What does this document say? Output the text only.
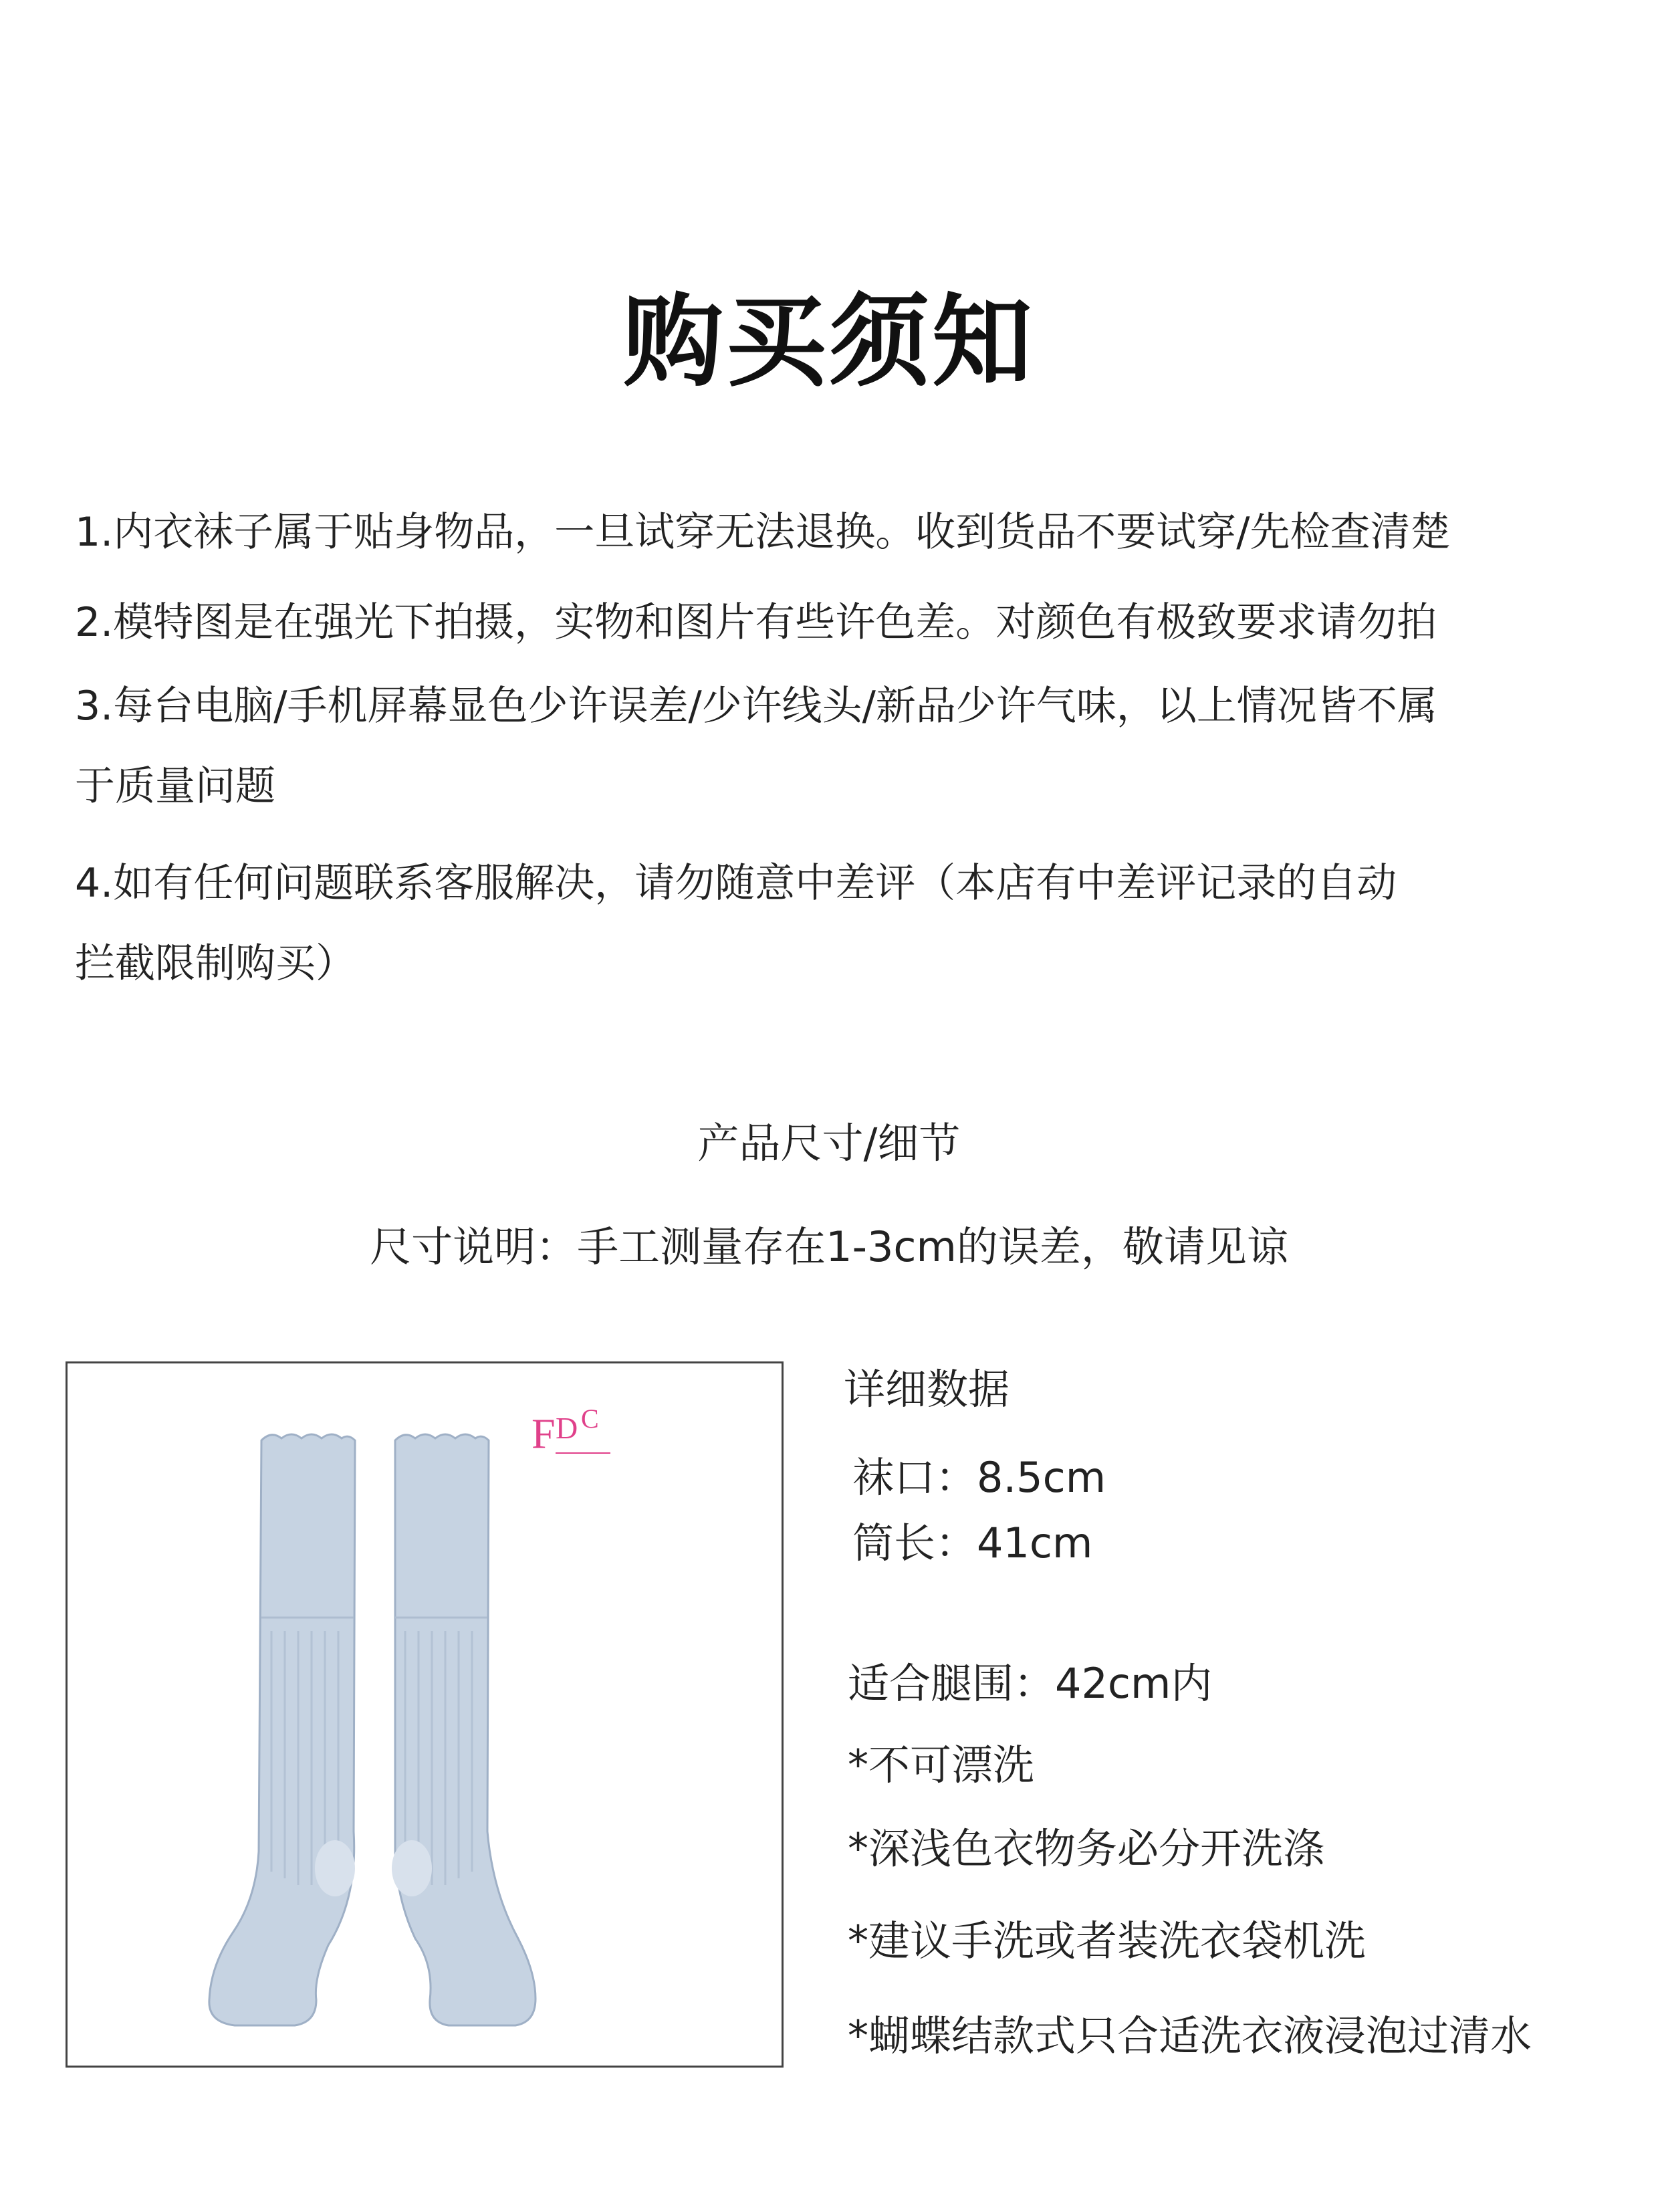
购买须知
1.内衣袜子属于贴身物品，一旦试穿无法退换。收到货品不要试穿/先检查清楚
2.模特图是在强光下拍摄，实物和图片有些许色差。对颜色有极致要求请勿拍
3.每台电脑/手机屏幕显色少许误差/少许线头/新品少许气味，以上情况皆不属
于质量问题
4.如有任何问题联系客服解决，请勿随意中差评（本店有中差评记录的自动
拦截限制购买）
产品尺寸/细节
尺寸说明：手工测量存在1-3cm的误差，敬请见谅
F D C
详细数据
袜口：8.5cm
筒长：41cm
适合腿围：42cm内
*不可漂洗
*深浅色衣物务必分开洗涤
*建议手洗或者装洗衣袋机洗
*蝴蝶结款式只合适洗衣液浸泡过清水
